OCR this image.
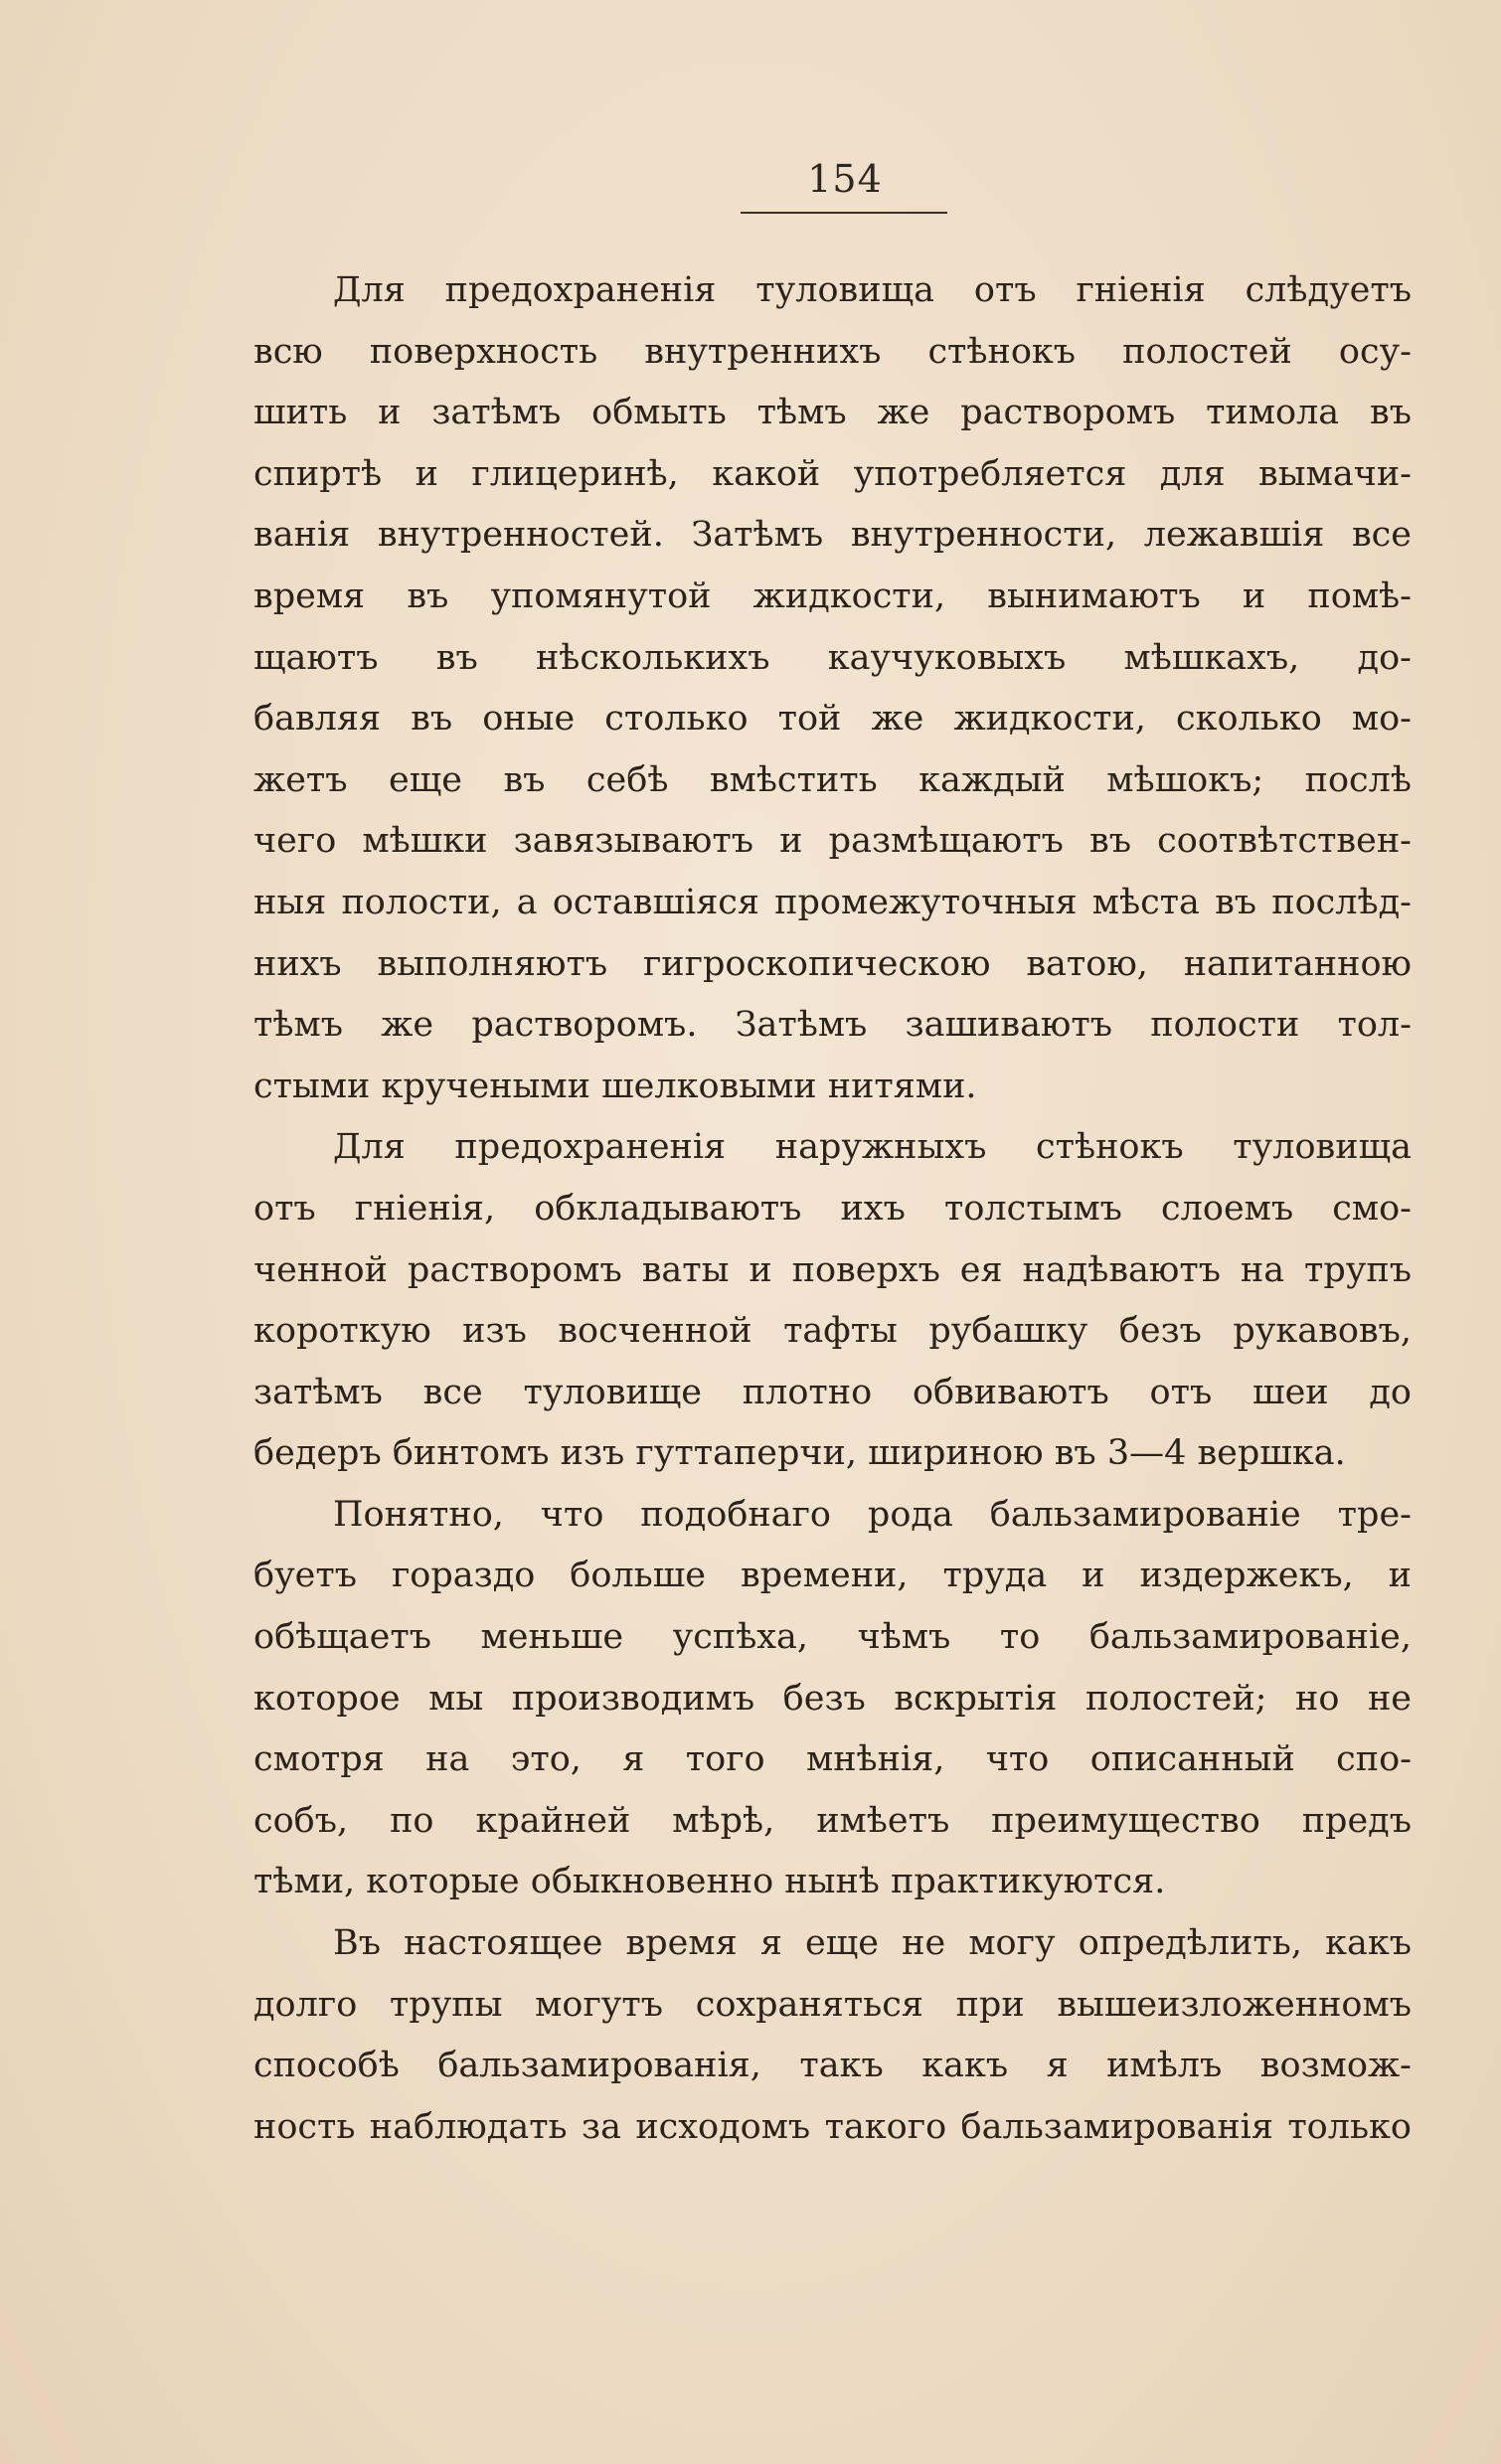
154
Для предохраненія туловища отъ гніенія слѣдуетъ
всю поверхность внутреннихъ стѣнокъ полостей осу-
шить и затѣмъ обмыть тѣмъ же растворомъ тимола въ
спиртѣ и глицеринѣ, какой употребляется для вымачи-
ванія внутренностей. Затѣмъ внутренности, лежавшія все
время въ упомянутой жидкости, вынимаютъ и помѣ-
щаютъ въ нѣсколькихъ каучуковыхъ мѣшкахъ, до-
бавляя въ оные столько той же жидкости, сколько мо-
жетъ еще въ себѣ вмѣстить каждый мѣшокъ; послѣ
чего мѣшки завязываютъ и размѣщаютъ въ соотвѣтствен-
ныя полости, а оставшіяся промежуточныя мѣста въ послѣд-
нихъ выполняютъ гигроскопическою ватою, напитанною
тѣмъ же растворомъ. Затѣмъ зашиваютъ полости тол-
стыми кручеными шелковыми нитями.
Для предохраненія наружныхъ стѣнокъ туловища
отъ гніенія, обкладываютъ ихъ толстымъ слоемъ смо-
ченной растворомъ ваты и поверхъ ея надѣваютъ на трупъ
короткую изъ восченной тафты рубашку безъ рукавовъ,
затѣмъ все туловище плотно обвиваютъ отъ шеи до
бедеръ бинтомъ изъ гуттаперчи, шириною въ 3—4 вершка.
Понятно, что подобнаго рода бальзамированіе тре-
буетъ гораздо больше времени, труда и издержекъ, и
обѣщаетъ меньше успѣха, чѣмъ то бальзамированіе,
которое мы производимъ безъ вскрытія полостей; но не
смотря на это, я того мнѣнія, что описанный спо-
собъ, по крайней мѣрѣ, имѣетъ преимущество предъ
тѣми, которые обыкновенно нынѣ практикуются.
Въ настоящее время я еще не могу опредѣлить, какъ
долго трупы могутъ сохраняться при вышеизложенномъ
способѣ бальзамированія, такъ какъ я имѣлъ возмож-
ность наблюдать за исходомъ такого бальзамированія только
